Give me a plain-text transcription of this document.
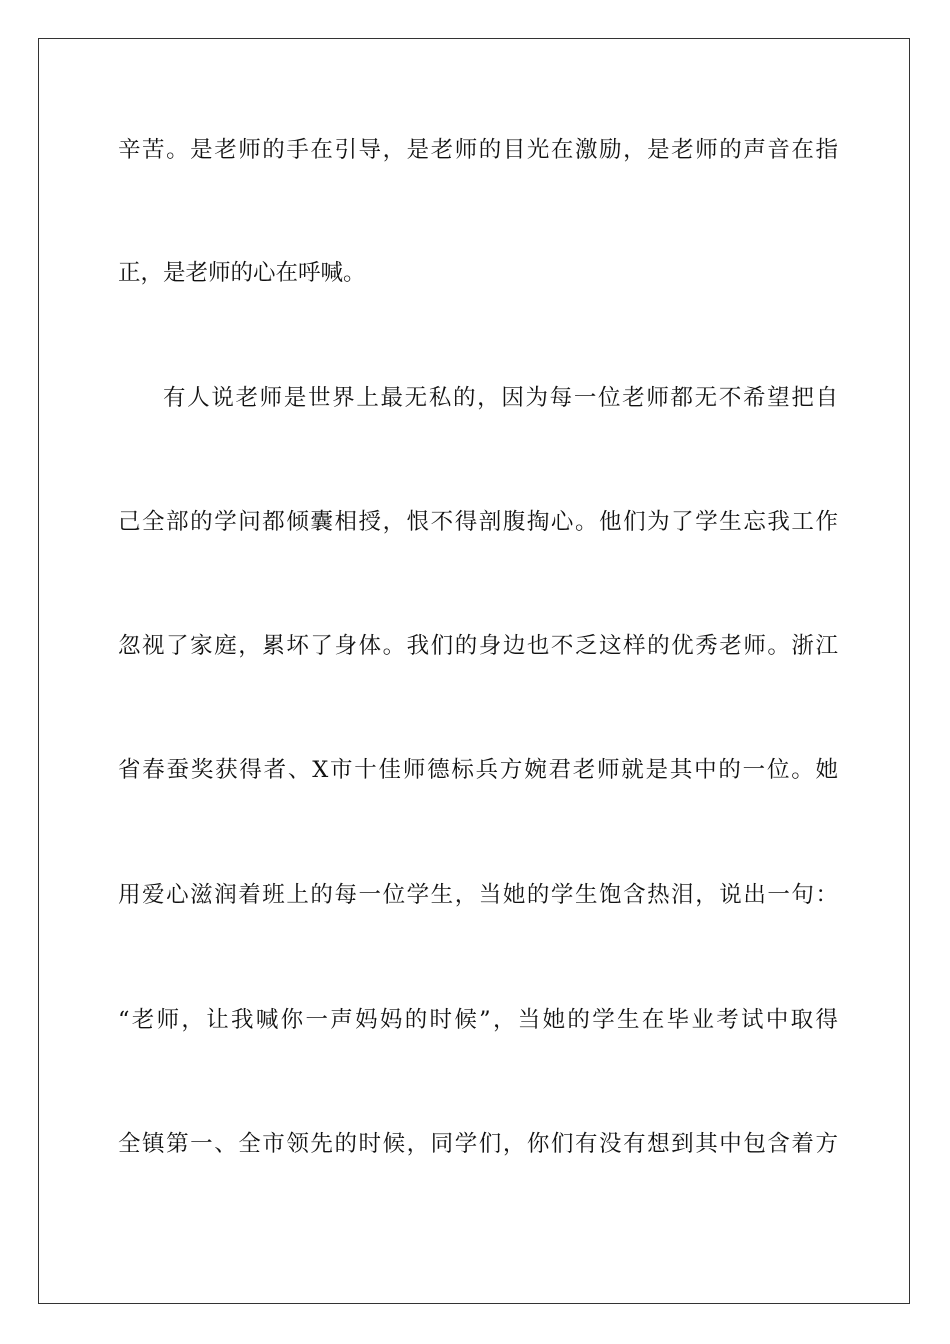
辛苦。是老师的手在引导，是老师的目光在激励，是老师的声音在指
正，是老师的心在呼喊。
有人说老师是世界上最无私的，因为每一位老师都无不希望把自
己全部的学问都倾囊相授，恨不得剖腹掏心。他们为了学生忘我工作
忽视了家庭，累坏了身体。我们的身边也不乏这样的优秀老师。浙江
省春蚕奖获得者、X市十佳师德标兵方婉君老师就是其中的一位。她
用爱心滋润着班上的每一位学生，当她的学生饱含热泪，说出一句：
“老师，让我喊你一声妈妈的时候”，当她的学生在毕业考试中取得
全镇第一、全市领先的时候，同学们，你们有没有想到其中包含着方
